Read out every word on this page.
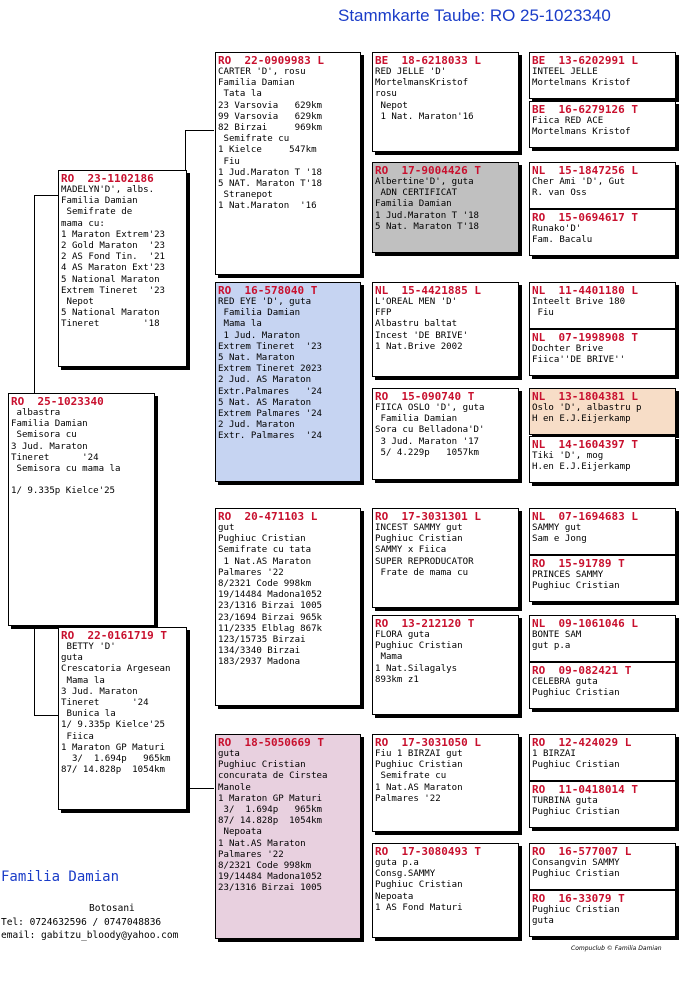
Stammkarte Taube: RO 25-1023340
RO  25-1023340
albastra
Familia Damian
Semisora cu
3 Jud. Maraton
Tineret      '24
Semisora cu mama la

1/ 9.335p Kielce'25
RO  23-1102186
MADELYN'D', albs.
Familia Damian
Semifrate de
mama cu:
1 Maraton Extrem'23
2 Gold Maraton  '23
2 AS Fond Tin.  '21
4 AS Maraton Ext'23
5 National Maraton
Extrem Tineret  '23
Nepot
5 National Maraton
Tineret        '18
RO  22-0161719 T
BETTY 'D'
guta
Crescatoria Argesean
Mama la
3 Jud. Maraton
Tineret      '24
Bunica la
1/ 9.335p Kielce'25
Fiica
1 Maraton GP Maturi
3/  1.694p   965km
87/ 14.828p  1054km
RO  22-0909983 L
CARTER 'D', rosu
Familia Damian
Tata la
23 Varsovia   629km
99 Varsovia   629km
82 Birzai     969km
Semifrate cu
1 Kielce     547km
Fiu
1 Jud.Maraton T '18
5 NAT. Maraton T'18
Stranepot
1 Nat.Maraton  '16
RO  16-578040 T
RED EYE 'D', guta
Familia Damian
Mama la
1 Jud. Maraton
Extrem Tineret  '23
5 Nat. Maraton
Extrem Tineret 2023
2 Jud. AS Maraton
Extr.Palmares   '24
5 Nat. AS Maraton
Extrem Palmares '24
2 Jud. Maraton
Extr. Palmares  '24
RO  20-471103 L
gut
Pughiuc Cristian
Semifrate cu tata
1 Nat.AS Maraton
Palmares '22
8/2321 Code 998km
19/14484 Madona1052
23/1316 Birzai 1005
23/1694 Birzai 965k
11/2335 Elblag 867k
123/15735 Birzai
134/3340 Birzai
183/2937 Madona
RO  18-5050669 T
guta
Pughiuc Cristian
concurata de Cirstea
Manole
1 Maraton GP Maturi
3/  1.694p   965km
87/ 14.828p  1054km
Nepoata
1 Nat.AS Maraton
Palmares '22
8/2321 Code 998km
19/14484 Madona1052
23/1316 Birzai 1005
BE  18-6218033 L
RED JELLE 'D'
MortelmansKristof
rosu
Nepot
1 Nat. Maraton'16
RO  17-9004426 T
Albertine'D', guta
ADN CERTIFICAT
Familia Damian
1 Jud.Maraton T '18
5 Nat. Maraton T'18
NL  15-4421885 L
L'OREAL MEN 'D'
FFP
Albastru baltat
Incest 'DE BRIVE'
1 Nat.Brive 2002
RO  15-090740 T
FIICA OSLO 'D', guta
Familia Damian
Sora cu Belladona'D'
3 Jud. Maraton '17
5/ 4.229p   1057km
RO  17-3031301 L
INCEST SAMMY gut
Pughiuc Cristian
SAMMY x Fiica
SUPER REPRODUCATOR
Frate de mama cu
RO  13-212120 T
FLORA guta
Pughiuc Cristian
Mama
1 Nat.Silagalys
893km z1
RO  17-3031050 L
Fiu 1 BIRZAI gut
Pughiuc Cristian
Semifrate cu
1 Nat.AS Maraton
Palmares '22
RO  17-3080493 T
guta p.a
Consg.SAMMY
Pughiuc Cristian
Nepoata
1 AS Fond Maturi
BE  13-6202991 L
INTEEL JELLE
Mortelmans Kristof
BE  16-6279126 T
Fiica RED ACE
Mortelmans Kristof
NL  15-1847256 L
Cher Ami 'D', Gut
R. van Oss
RO  15-0694617 T
Runako'D'
Fam. Bacalu
NL  11-4401180 L
Inteelt Brive 180
Fiu
NL  07-1998908 T
Dochter Brive
Fiica''DE BRIVE''
NL  13-1804381 L
Oslo 'D', albastru p
H en E.J.Eijerkamp
NL  14-1604397 T
Tiki 'D', mog
H.en E.J.Eijerkamp
NL  07-1694683 L
SAMMY gut
Sam e Jong
RO  15-91789 T
PRINCES SAMMY
Pughiuc Cristian
NL  09-1061046 L
BONTE SAM
gut p.a
RO  09-082421 T
CELEBRA guta
Pughiuc Cristian
RO  12-424029 L
1 BIRZAI
Pughiuc Cristian
RO  11-0418014 T
TURBINA guta
Pughiuc Cristian
RO  16-577007 L
Consangvin SAMMY
Pughiuc Cristian
RO  16-33079 T
Pughiuc Cristian
guta
Familia Damian
Botosani
Tel: 0724632596 / 0747048836
email: gabitzu_bloody@yahoo.com
Compuclub © Familia Damian
